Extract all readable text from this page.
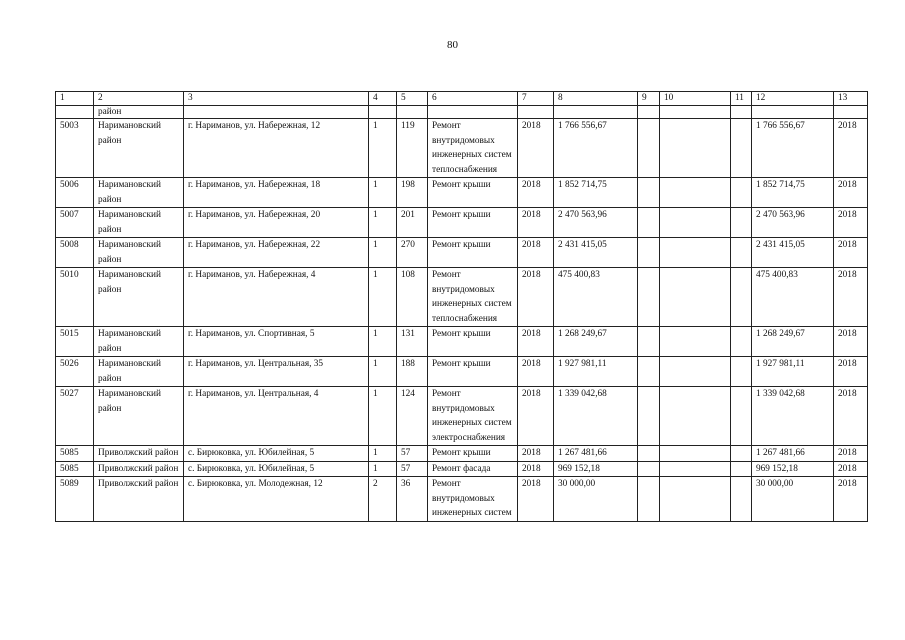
80
1	2	3	4	5	6	7	8	9	10	11	12	13
	район											
5003	Наримановский район	г. Нариманов, ул. Набережная, 12	1	119	Ремонт внутридомовых инженерных систем теплоснабжения	2018	1 766 556,67				1 766 556,67	2018
5006	Наримановский район	г. Нариманов, ул. Набережная, 18	1	198	Ремонт крыши	2018	1 852 714,75				1 852 714,75	2018
5007	Наримановский район	г. Нариманов, ул. Набережная, 20	1	201	Ремонт крыши	2018	2 470 563,96				2 470 563,96	2018
5008	Наримановский район	г. Нариманов, ул. Набережная, 22	1	270	Ремонт крыши	2018	2 431 415,05				2 431 415,05	2018
5010	Наримановский район	г. Нариманов, ул. Набережная, 4	1	108	Ремонт внутридомовых инженерных систем теплоснабжения	2018	475 400,83				475 400,83	2018
5015	Наримановский район	г. Нариманов, ул. Спортивная, 5	1	131	Ремонт крыши	2018	1 268 249,67				1 268 249,67	2018
5026	Наримановский район	г. Нариманов, ул. Центральная, 35	1	188	Ремонт крыши	2018	1 927 981,11				1 927 981,11	2018
5027	Наримановский район	г. Нариманов, ул. Центральная, 4	1	124	Ремонт внутридомовых инженерных систем электроснабжения	2018	1 339 042,68				1 339 042,68	2018
5085	Приволжский район	с. Бирюковка, ул. Юбилейная, 5	1	57	Ремонт крыши	2018	1 267 481,66				1 267 481,66	2018
5085	Приволжский район	с. Бирюковка, ул. Юбилейная, 5	1	57	Ремонт фасада	2018	969 152,18				969 152,18	2018
5089	Приволжский район	с. Бирюковка, ул. Молодежная, 12	2	36	Ремонт внутридомовых инженерных систем	2018	30 000,00				30 000,00	2018
